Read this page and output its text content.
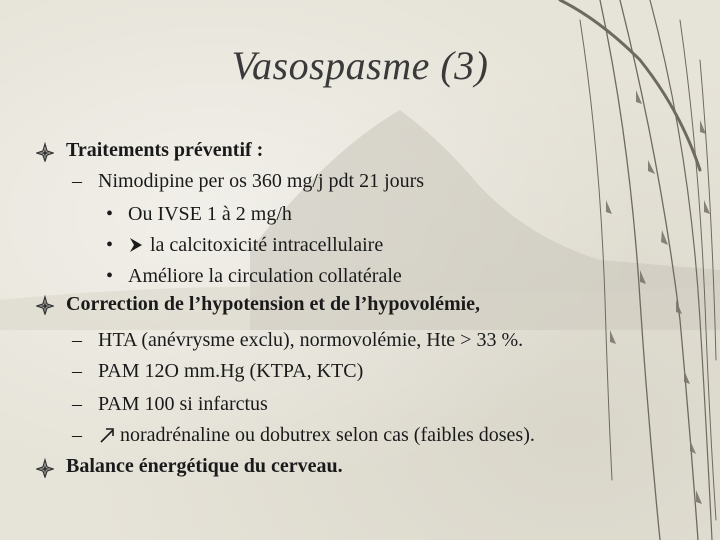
Vasospasme (3)
Traitements préventif :
– Nimodipine per os 360 mg/j pdt 21 jours
• Ou IVSE 1 à 2 mg/h
• la calcitoxicité intracellulaire
• Améliore la circulation collatérale
Correction de l’hypotension et de l’hypovolémie,
– HTA (anévrysme exclu), normovolémie, Hte > 33 %.
– PAM 12O mm.Hg (KTPA, KTC)
– PAM 100 si infarctus
– noradrénaline ou dobutrex selon cas (faibles doses).
Balance énergétique du cerveau.
